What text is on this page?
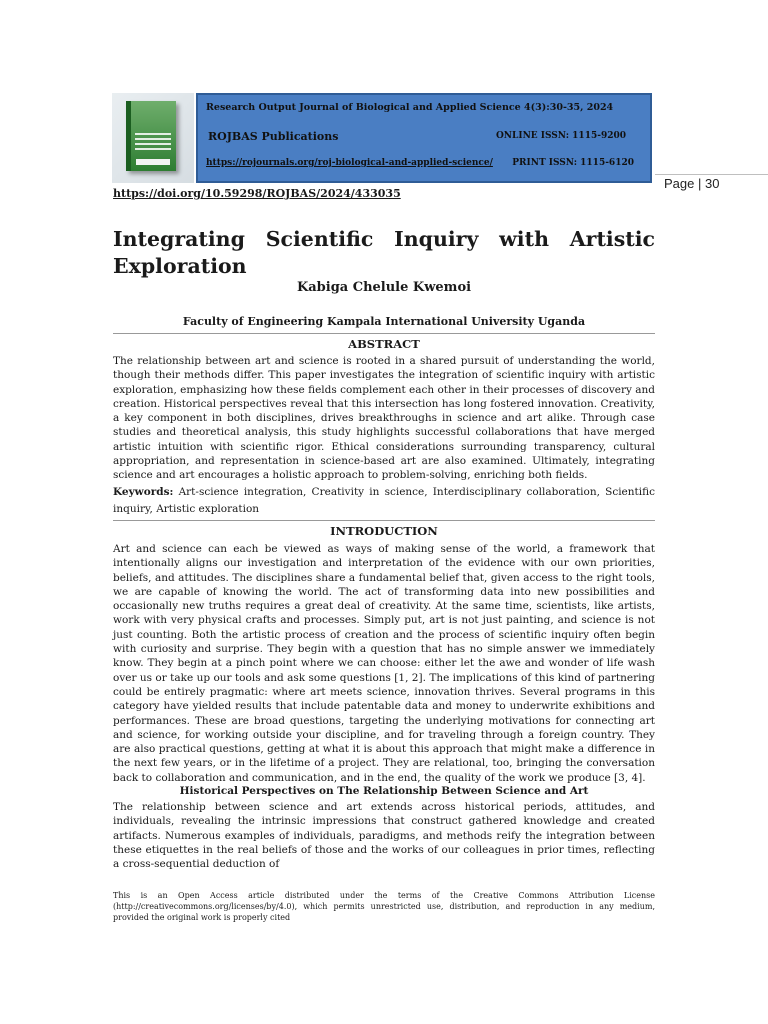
Research Output Journal of Biological and Applied Science 4(3):30-35, 2024
ROJBAS Publications	ONLINE ISSN: 1115-9200
https://rojournals.org/roj-biological-and-applied-science/ PRINT ISSN: 1115-6120
https://doi.org/10.59298/ROJBAS/2024/433035
Page | 30
Integrating Scientific Inquiry with Artistic Exploration
Kabiga Chelule Kwemoi
Faculty of Engineering Kampala International University Uganda
ABSTRACT

The relationship between art and science is rooted in a shared pursuit of understanding the world, though their methods differ. This paper investigates the integration of scientific inquiry with artistic exploration, emphasizing how these fields complement each other in their processes of discovery and creation. Historical perspectives reveal that this intersection has long fostered innovation. Creativity, a key component in both disciplines, drives breakthroughs in science and art alike. Through case studies and theoretical analysis, this study highlights successful collaborations that have merged artistic intuition with scientific rigor. Ethical considerations surrounding transparency, cultural appropriation, and representation in science-based art are also examined. Ultimately, integrating science and art encourages a holistic approach to problem-solving, enriching both fields.

Keywords: Art-science integration, Creativity in science, Interdisciplinary collaboration, Scientific inquiry, Artistic exploration

INTRODUCTION

Art and science can each be viewed as ways of making sense of the world, a framework that intentionally aligns our investigation and interpretation of the evidence with our own priorities, beliefs, and attitudes. The disciplines share a fundamental belief that, given access to the right tools, we are capable of knowing the world. The act of transforming data into new possibilities and occasionally new truths requires a great deal of creativity. At the same time, scientists, like artists, work with very physical crafts and processes. Simply put, art is not just painting, and science is not just counting. Both the artistic process of creation and the process of scientific inquiry often begin with curiosity and surprise. They begin with a question that has no simple answer we immediately know. They begin at a pinch point where we can choose: either let the awe and wonder of life wash over us or take up our tools and ask some questions [1, 2]. The implications of this kind of partnering could be entirely pragmatic: where art meets science, innovation thrives. Several programs in this category have yielded results that include patentable data and money to underwrite exhibitions and performances. These are broad questions, targeting the underlying motivations for connecting art and science, for working outside your discipline, and for traveling through a foreign country. They are also practical questions, getting at what it is about this approach that might make a difference in the next few years, or in the lifetime of a project. They are relational, too, bringing the conversation back to collaboration and communication, and in the end, the quality of the work we produce [3, 4].

Historical Perspectives on The Relationship Between Science and Art

The relationship between science and art extends across historical periods, attitudes, and individuals, revealing the intrinsic impressions that construct gathered knowledge and created artifacts. Numerous examples of individuals, paradigms, and methods reify the integration between these etiquettes in the real beliefs of those and the works of our colleagues in prior times, reflecting a cross-sequential deduction of

This is an Open Access article distributed under the terms of the Creative Commons Attribution License (http://creativecommons.org/licenses/by/4.0), which permits unrestricted use, distribution, and reproduction in any medium, provided the original work is properly cited
